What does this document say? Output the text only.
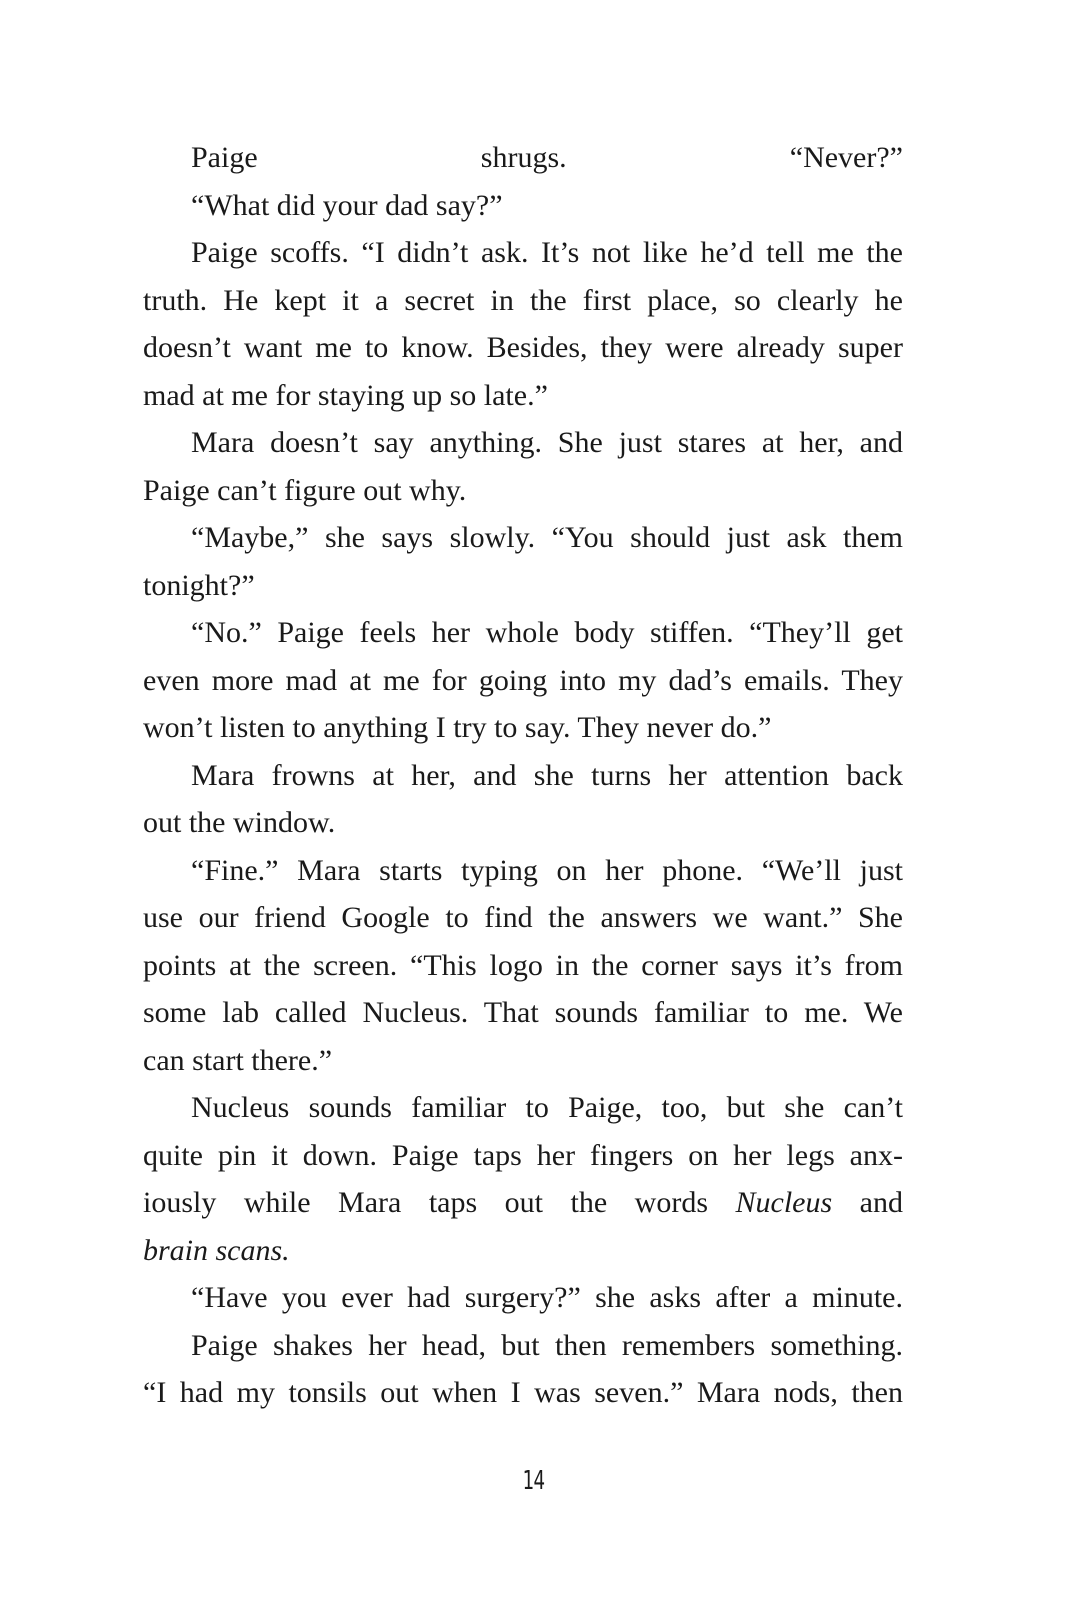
Paige shrugs. “Never?”
“What did your dad say?”
Paige scoffs. “I didn’t ask. It’s not like he’d tell me the
truth. He kept it a secret in the first place, so clearly he
doesn’t want me to know. Besides, they were already super
mad at me for staying up so late.”
Mara doesn’t say anything. She just stares at her, and
Paige can’t figure out why.
“Maybe,” she says slowly. “You should just ask them
tonight?”
“No.” Paige feels her whole body stiffen. “They’ll get
even more mad at me for going into my dad’s emails. They
won’t listen to anything I try to say. They never do.”
Mara frowns at her, and she turns her attention back
out the window.
“Fine.” Mara starts typing on her phone. “We’ll just
use our friend Google to find the answers we want.” She
points at the screen. “This logo in the corner says it’s from
some lab called Nucleus. That sounds familiar to me. We
can start there.”
Nucleus sounds familiar to Paige, too, but she can’t
quite pin it down. Paige taps her fingers on her legs anx-
iously while Mara taps out the words Nucleus and
brain scans.
“Have you ever had surgery?” she asks after a minute.
Paige shakes her head, but then remembers something.
“I had my tonsils out when I was seven.” Mara nods, then
14
